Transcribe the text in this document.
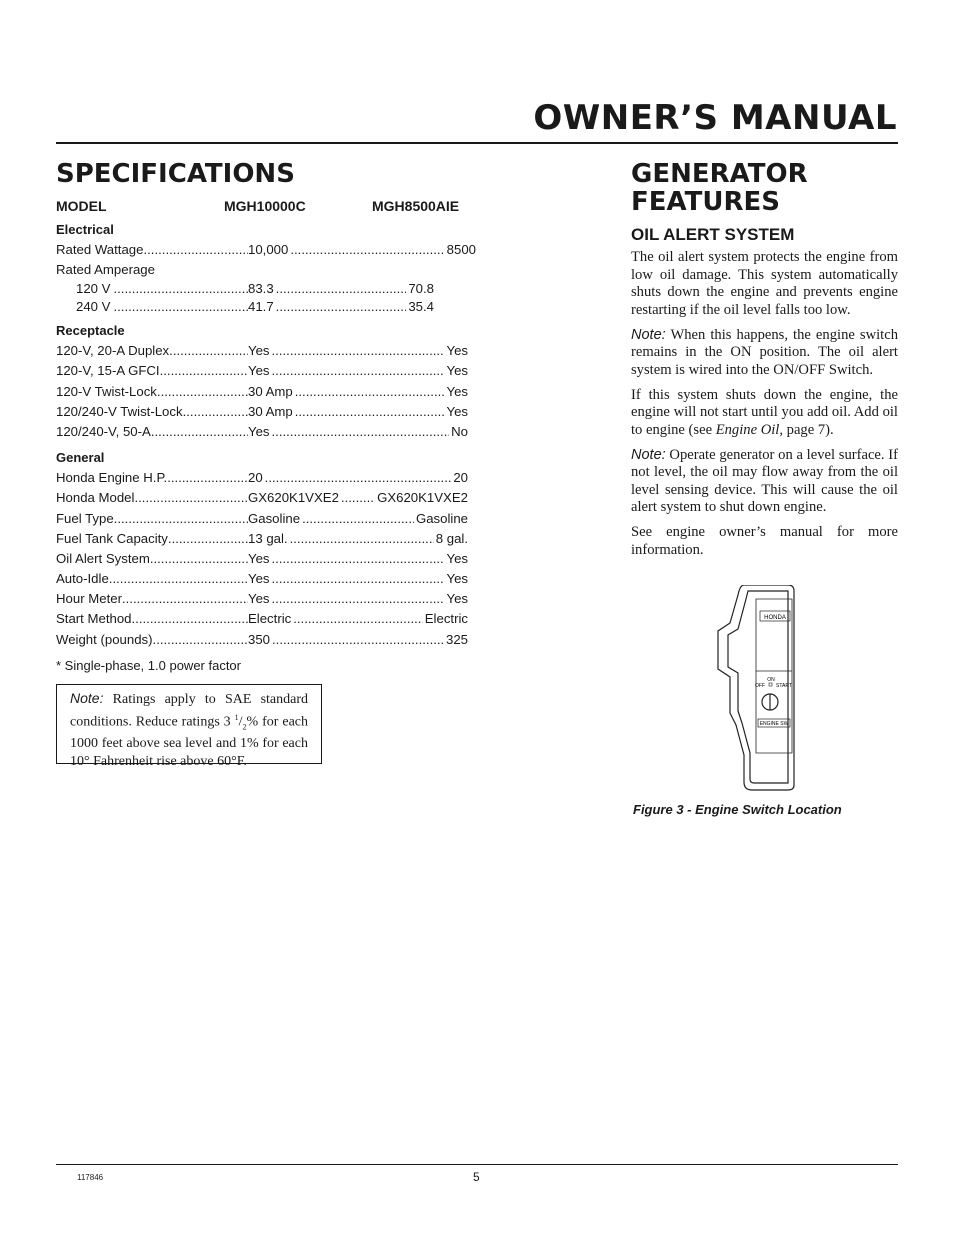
OWNER’S MANUAL
SPECIFICATIONS
MODEL	MGH10000C	MGH8500AIE
Electrical
Rated Wattage .....	10,000 .....	8500
Rated Amperage
120 V .....	83.3 .....	70.8
240 V .....	41.7 .....	35.4
Receptacle
120-V, 20-A Duplex .....	Yes .....	Yes
120-V, 15-A GFCI .....	Yes .....	Yes
120-V Twist-Lock .....	30 Amp .....	Yes
120/240-V Twist-Lock .....	30 Amp .....	Yes
120/240-V, 50-A .....	Yes .....	No
General
Honda Engine H.P. .....	20 .....	20
Honda Model .....	GX620K1VXE2 .....	GX620K1VXE2
Fuel Type .....	Gasoline .....	Gasoline
Fuel Tank Capacity .....	13 gal. .....	8 gal.
Oil Alert System .....	Yes .....	Yes
Auto-Idle .....	Yes .....	Yes
Hour Meter .....	Yes .....	Yes
Start Method .....	Electric .....	Electric
Weight (pounds) .....	350 .....	325
* Single-phase, 1.0 power factor
Note: Ratings apply to SAE standard conditions. Reduce ratings 3 $^1/_2\%$ for each 1000 feet above sea level and 1% for each 10° Fahrenheit rise above 60°F.
GENERATOR
FEATURES
OIL ALERT SYSTEM

The oil alert system protects the engine from low oil damage. This system automatically shuts down the engine and prevents engine restarting if the oil level falls too low.

Note: When this happens, the engine switch remains in the ON position. The oil alert system is wired into the ON/OFF Switch.

If this system shuts down the engine, the engine will not start until you add oil. Add oil to engine (see Engine Oil, page 7).

Note: Operate generator on a level surface. If not level, the oil may flow away from the oil level sensing device. This will cause the oil alert system to shut down engine.

See engine owner’s manual for more information.

HONDA
ON
OFF START
ENGINE SW
Figure 3 - Engine Switch Location
117846	5
